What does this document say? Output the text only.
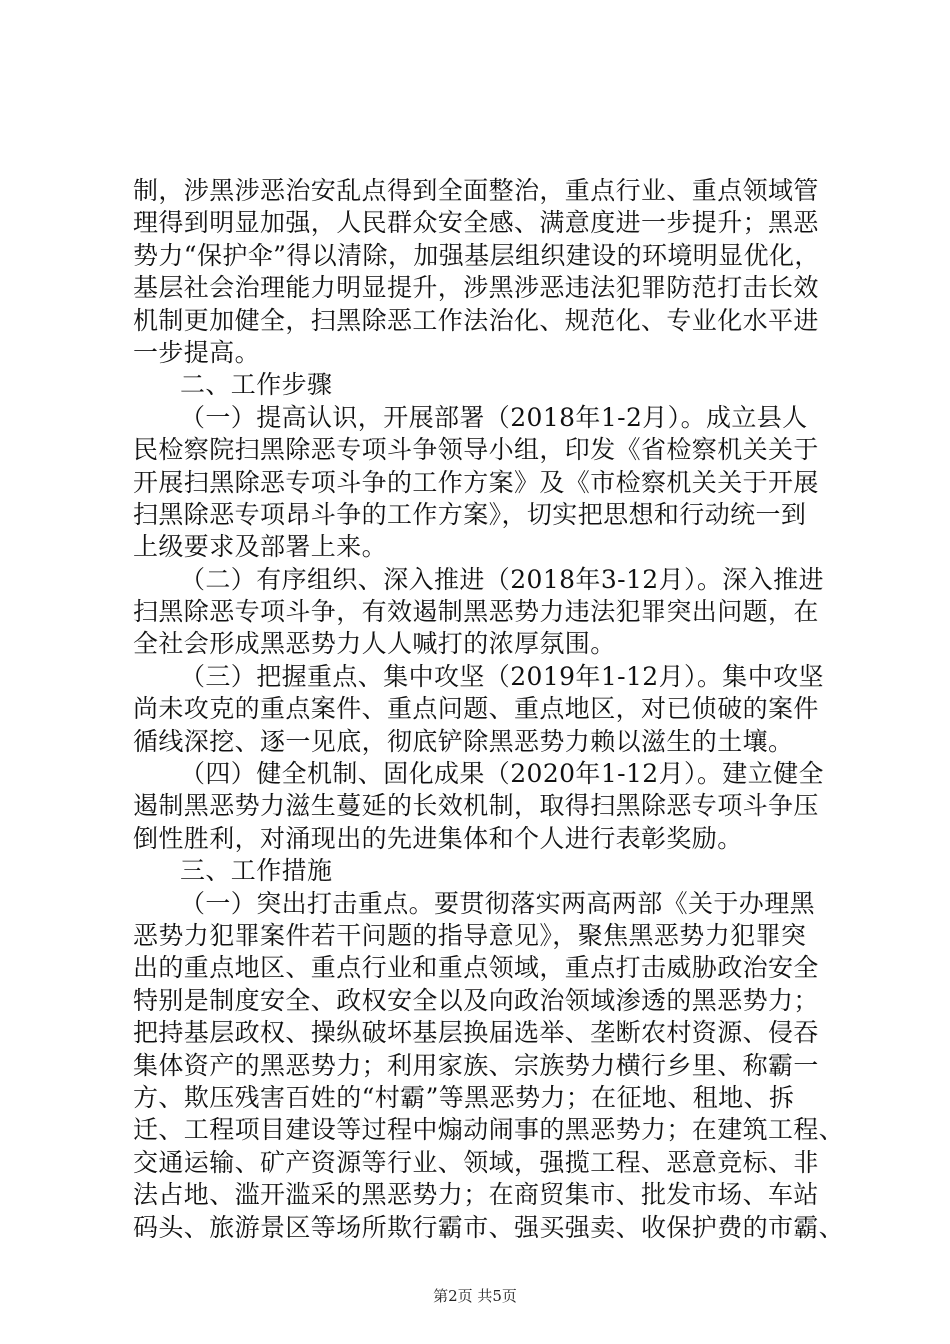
制，涉黑涉恶治安乱点得到全面整治，重点行业、重点领域管
理得到明显加强，人民群众安全感、满意度进一步提升；黑恶
势力“保护伞”得以清除，加强基层组织建设的环境明显优化，
基层社会治理能力明显提升，涉黑涉恶违法犯罪防范打击长效
机制更加健全，扫黑除恶工作法治化、规范化、专业化水平进
一步提高。
二、工作步骤
（一）提高认识，开展部署（2018年1-2月）。成立县人
民检察院扫黑除恶专项斗争领导小组，印发《省检察机关关于
开展扫黑除恶专项斗争的工作方案》及《市检察机关关于开展
扫黑除恶专项昂斗争的工作方案》，切实把思想和行动统一到
上级要求及部署上来。
（二）有序组织、深入推进（2018年3-12月）。深入推进
扫黑除恶专项斗争，有效遏制黑恶势力违法犯罪突出问题，在
全社会形成黑恶势力人人喊打的浓厚氛围。
（三）把握重点、集中攻坚（2019年1-12月）。集中攻坚
尚未攻克的重点案件、重点问题、重点地区，对已侦破的案件
循线深挖、逐一见底，彻底铲除黑恶势力赖以滋生的土壤。
（四）健全机制、固化成果（2020年1-12月）。建立健全
遏制黑恶势力滋生蔓延的长效机制，取得扫黑除恶专项斗争压
倒性胜利，对涌现出的先进集体和个人进行表彰奖励。
三、工作措施
（一）突出打击重点。要贯彻落实两高两部《关于办理黑
恶势力犯罪案件若干问题的指导意见》，聚焦黑恶势力犯罪突
出的重点地区、重点行业和重点领域，重点打击威胁政治安全
特别是制度安全、政权安全以及向政治领域渗透的黑恶势力；
把持基层政权、操纵破坏基层换届选举、垄断农村资源、侵吞
集体资产的黑恶势力；利用家族、宗族势力横行乡里、称霸一
方、欺压残害百姓的“村霸”等黑恶势力；在征地、租地、拆
迁、工程项目建设等过程中煽动闹事的黑恶势力；在建筑工程、
交通运输、矿产资源等行业、领域，强揽工程、恶意竞标、非
法占地、滥开滥采的黑恶势力；在商贸集市、批发市场、车站
码头、旅游景区等场所欺行霸市、强买强卖、收保护费的市霸、
第2页 共5页
